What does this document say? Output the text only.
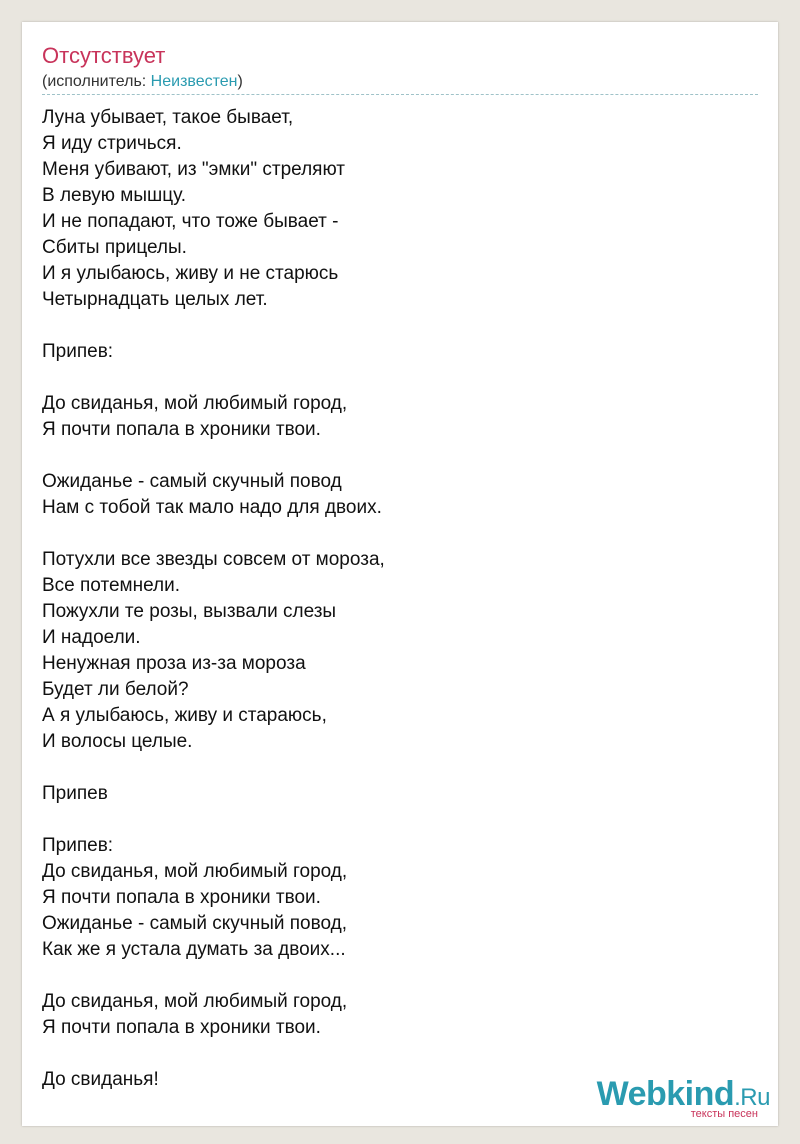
Отсутствует
(исполнитель: Неизвестен)
Луна убывает, такое бывает,
Я иду стричься.
Меня убивают, из "эмки" стреляют
В левую мышцу.
И не попадают, что тоже бывает -
Сбиты прицелы.
И я улыбаюсь, живу и не старюсь
Четырнадцать целых лет.
Припев:
До свиданья, мой любимый город,
Я почти попала в хроники твои.
Ожиданье - самый скучный повод
Нам с тобой так мало надо для двоих.
Потухли все звезды совсем от мороза,
Все потемнели.
Пожухли те розы, вызвали слезы
И надоели.
Ненужная проза из-за мороза
Будет ли белой?
А я улыбаюсь, живу и стараюсь,
И волосы целые.
Припев
Припев:
До свиданья, мой любимый город,
Я почти попала в хроники твои.
Ожиданье - самый скучный повод,
Как же я устала думать за двоих...
До свиданья, мой любимый город,
Я почти попала в хроники твои.
До свиданья!	Webkind.Ru
тексты песен
